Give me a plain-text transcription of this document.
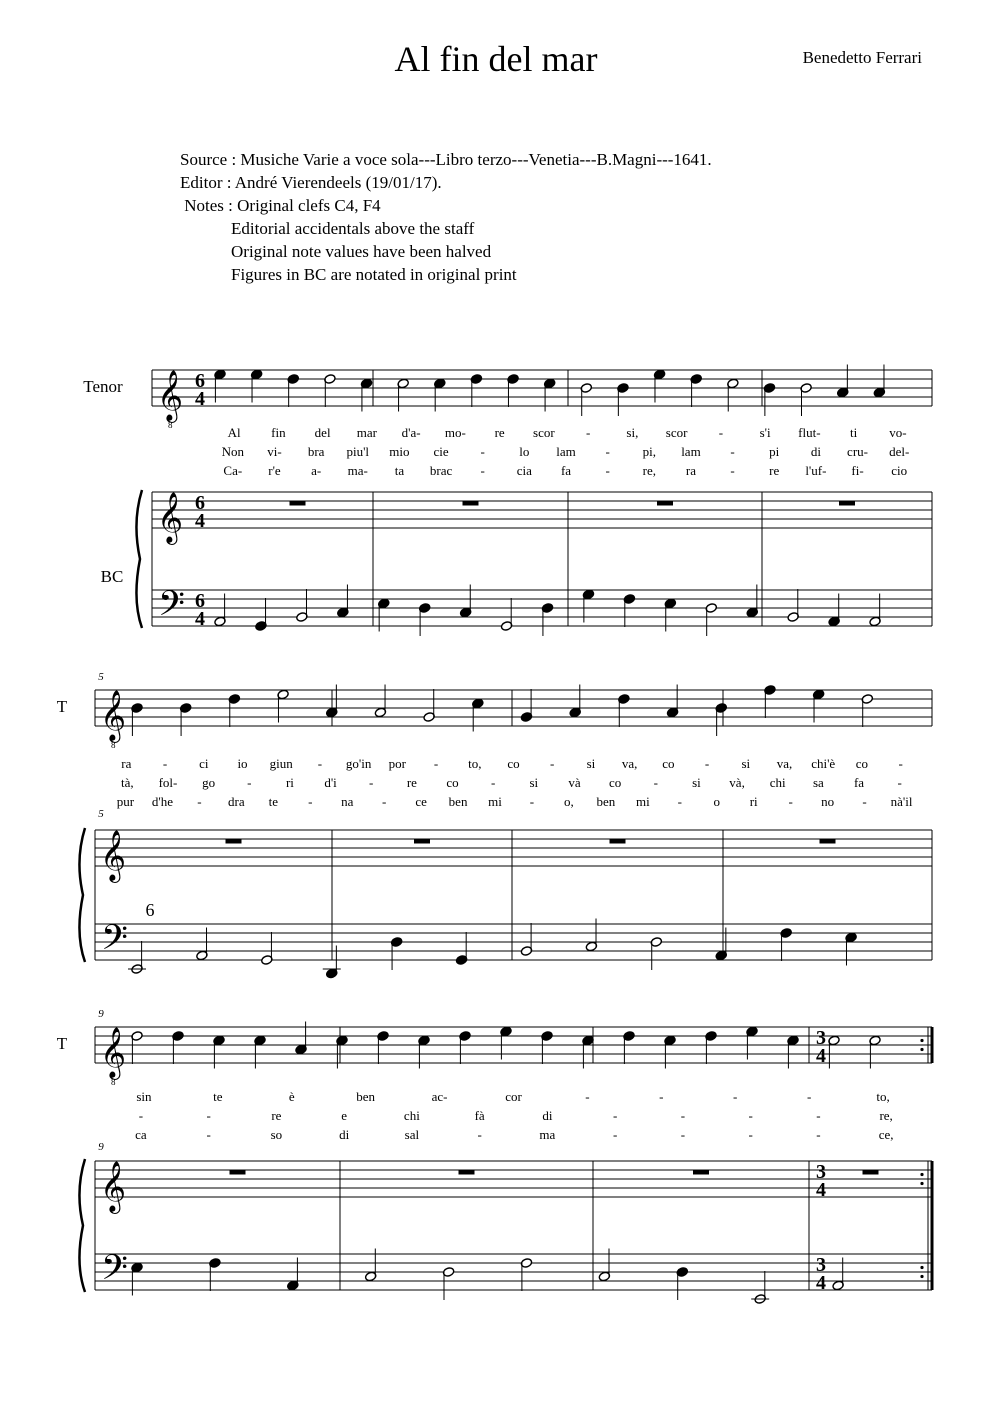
Al fin del mar	Benedetto Ferrari
Source : Musiche Varie a voce sola---Libro terzo---Venetia---B.Magni---1641.
Editor : André Vierendeels (19/01/17).
Notes : Original clefs C4, F4
Editorial accidentals above the staff
Original note values have been halved
Figures in BC are notated in original print
𝄞
𝄞
𝄢
8
6
4
6
4
6
4
Tenor
BC
Al fin del mar d'a- mo- re scor -	si, scor -	s'i flut- ti vo-
Non vi- bra piu'l mio cie -	lo lam -	pi, lam -	pi di cru- del-
Ca- r'e a- ma- ta brac - cia fa	-	re, ra	-	re l'uf- fi- cio
𝄞
𝄞
𝄢
8
T
5
5
6
ra - ci io giun - go'in por - to, co - si va, co - si va, chi'è co -
tà, fol- go -	ri d'i -	re co -	si và co -	si và, chi sa fa	-
pur d'he - dra te - na - ce ben mi - o, ben mi - o ri - no - nà'il
𝄞
𝄞
𝄢
8
T
9
9
3
4
3
4
3
4
sin	te	è	ben	ac-	cor	-	-	-	-	to,
-	-	re	e	chi	fà	di	-	-	-	-	re,
ca	-	so	di	sal	-	ma	-	-	-	-	ce,
